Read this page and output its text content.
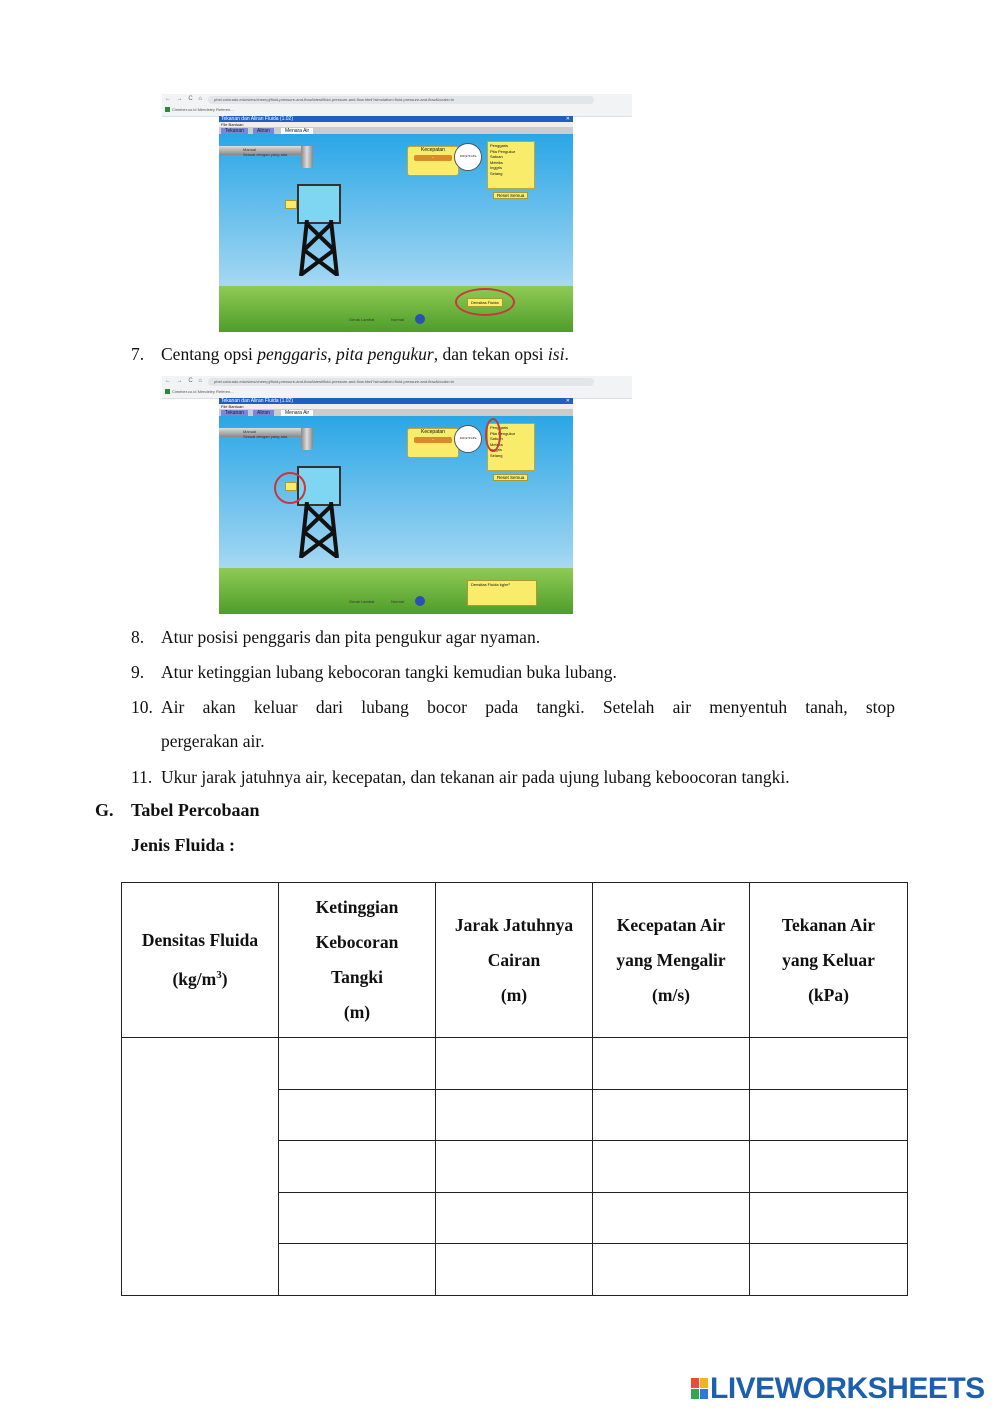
← → C ⌂	phet.colorado.edu/sims/cheerpj/fluid-pressure-and-flow/latest/fluid-pressure-and-flow.html?simulation=fluid-pressure-and-flow&locale=in
Cimeber.co.id Mendeley Referen...
Tekanan dan Aliran Fluida (1.02)	✕
File Bantuan
Tekanan	Aliran	Menara Air
Manual
Sesuai dengan yang ada
Kecepatan
-	100,979 kPa
Penggaris
Pita Pengukur
Satuan
Metriks
Inggris
Selang
Reset Semua
Densitas Fluida
Gerak Lambat	Normal
7. Centang opsi penggaris, pita pengukur, dan tekan opsi isi.
← → C ⌂	phet.colorado.edu/sims/cheerpj/fluid-pressure-and-flow/latest/fluid-pressure-and-flow.html?simulation=fluid-pressure-and-flow&locale=in
Cimeber.co.id Mendeley Referen...
Tekanan dan Aliran Fluida (1.02)	✕
File Bantuan
Tekanan	Aliran	Menara Air
Manual
Sesuai dengan yang ada
Kecepatan
-	100,979 kPa
Penggaris
Pita Pengukur
Satuan
Metriks
Inggris
Selang
Reset Semua
Densitas Fluida kg/m³
Gerak Lambat	Normal
8. Atur posisi penggaris dan pita pengukur agar nyaman.
9. Atur ketinggian lubang kebocoran tangki kemudian buka lubang.
10. Air akan keluar dari lubang bocor pada tangki. Setelah air menyentuh tanah, stop
pergerakan air.
11. Ukur jarak jatuhnya air, kecepatan, dan tekanan air pada ujung lubang keboocoran tangki.
G. Tabel Percobaan
Jenis Fluida :
Densitas Fluida
$(kg/m^3)$	Ketinggian
Kebocoran
Tangki
(m)	Jarak Jatuhnya
Cairan
(m)	Kecepatan Air
yang Mengalir
(m/s)	Tekanan Air
yang Keluar
(kPa)

LIVEWORKSHEETS
